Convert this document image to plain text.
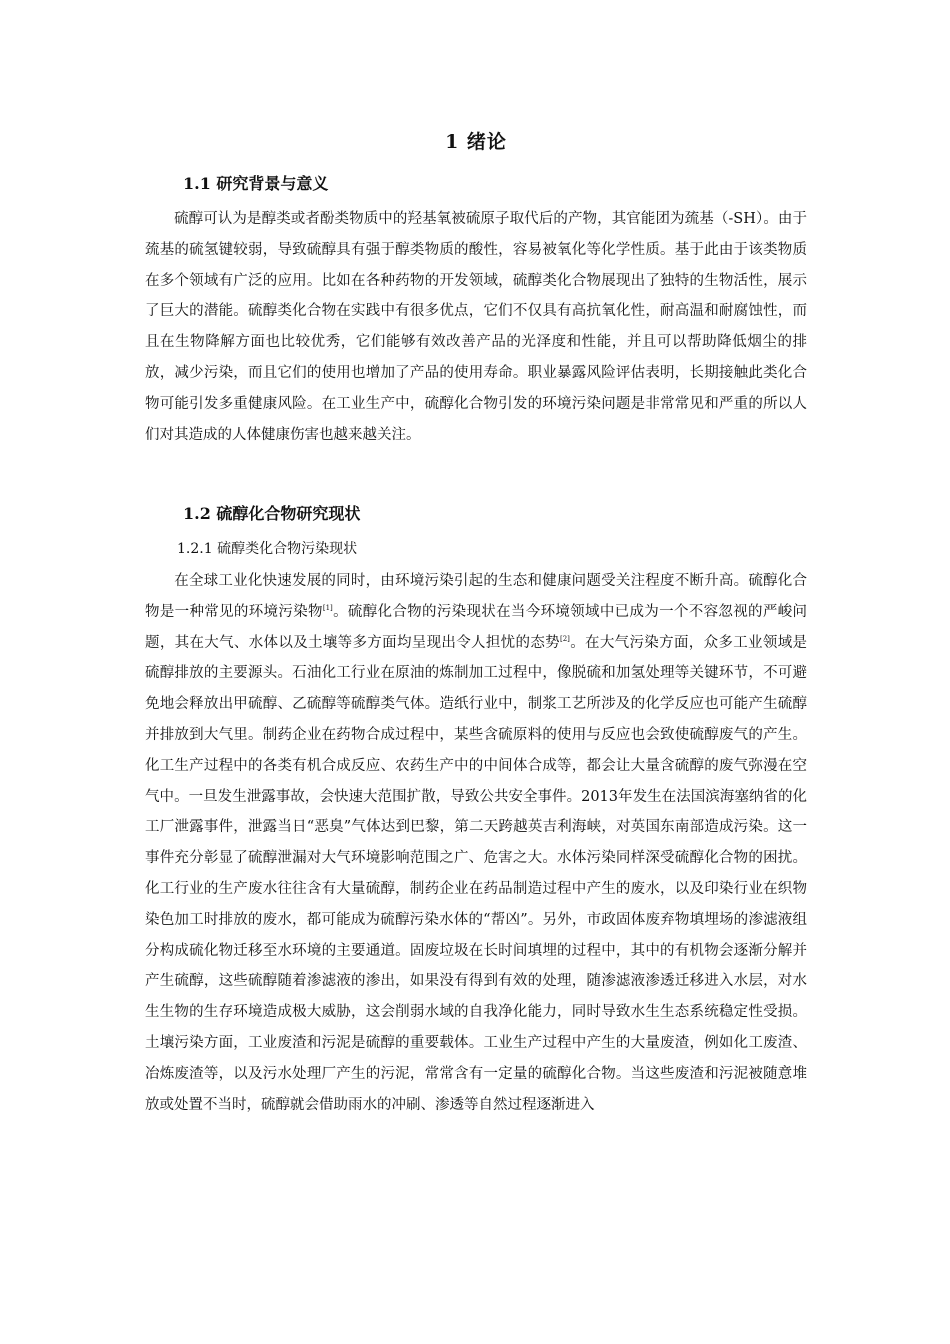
1 绪论
1.1 研究背景与意义

硫醇可认为是醇类或者酚类物质中的羟基氧被硫原子取代后的产物，其官能团为巯基（-SH）。由于巯基的硫氢键较弱，导致硫醇具有强于醇类物质的酸性，容易被氧化等化学性质。基于此由于该类物质在多个领域有广泛的应用。比如在各种药物的开发领域，硫醇类化合物展现出了独特的生物活性，展示了巨大的潜能。硫醇类化合物在实践中有很多优点，它们不仅具有高抗氧化性，耐高温和耐腐蚀性，而且在生物降解方面也比较优秀，它们能够有效改善产品的光泽度和性能，并且可以帮助降低烟尘的排放，减少污染，而且它们的使用也增加了产品的使用寿命。职业暴露风险评估表明，长期接触此类化合物可能引发多重健康风险。在工业生产中，硫醇化合物引发的环境污染问题是非常常见和严重的所以人们对其造成的人体健康伤害也越来越关注。

1.2 硫醇化合物研究现状
1.2.1 硫醇类化合物污染现状

在全球工业化快速发展的同时，由环境污染引起的生态和健康问题受关注程度不断升高。硫醇化合物是一种常见的环境污染物[1]。硫醇化合物的污染现状在当今环境领域中已成为一个不容忽视的严峻问题，其在大气、水体以及土壤等多方面均呈现出令人担忧的态势[2]。在大气污染方面，众多工业领域是硫醇排放的主要源头。石油化工行业在原油的炼制加工过程中，像脱硫和加氢处理等关键环节，不可避免地会释放出甲硫醇、乙硫醇等硫醇类气体。造纸行业中，制浆工艺所涉及的化学反应也可能产生硫醇并排放到大气里。制药企业在药物合成过程中，某些含硫原料的使用与反应也会致使硫醇废气的产生。化工生产过程中的各类有机合成反应、农药生产中的中间体合成等，都会让大量含硫醇的废气弥漫在空气中。一旦发生泄露事故，会快速大范围扩散，导致公共安全事件。2013年发生在法国滨海塞纳省的化工厂泄露事件，泄露当日“恶臭”气体达到巴黎，第二天跨越英吉利海峡，对英国东南部造成污染。这一事件充分彰显了硫醇泄漏对大气环境影响范围之广、危害之大。水体污染同样深受硫醇化合物的困扰。化工行业的生产废水往往含有大量硫醇，制药企业在药品制造过程中产生的废水，以及印染行业在织物染色加工时排放的废水，都可能成为硫醇污染水体的“帮凶”。另外，市政固体废弃物填埋场的渗滤液组分构成硫化物迁移至水环境的主要通道。固废垃圾在长时间填埋的过程中，其中的有机物会逐渐分解并产生硫醇，这些硫醇随着渗滤液的渗出，如果没有得到有效的处理，随渗滤液渗透迁移进入水层，对水生生物的生存环境造成极大威胁，这会削弱水域的自我净化能力，同时导致水生生态系统稳定性受损。土壤污染方面，工业废渣和污泥是硫醇的重要载体。工业生产过程中产生的大量废渣，例如化工废渣、冶炼废渣等，以及污水处理厂产生的污泥，常常含有一定量的硫醇化合物。当这些废渣和污泥被随意堆放或处置不当时，硫醇就会借助雨水的冲刷、渗透等自然过程逐渐进入
